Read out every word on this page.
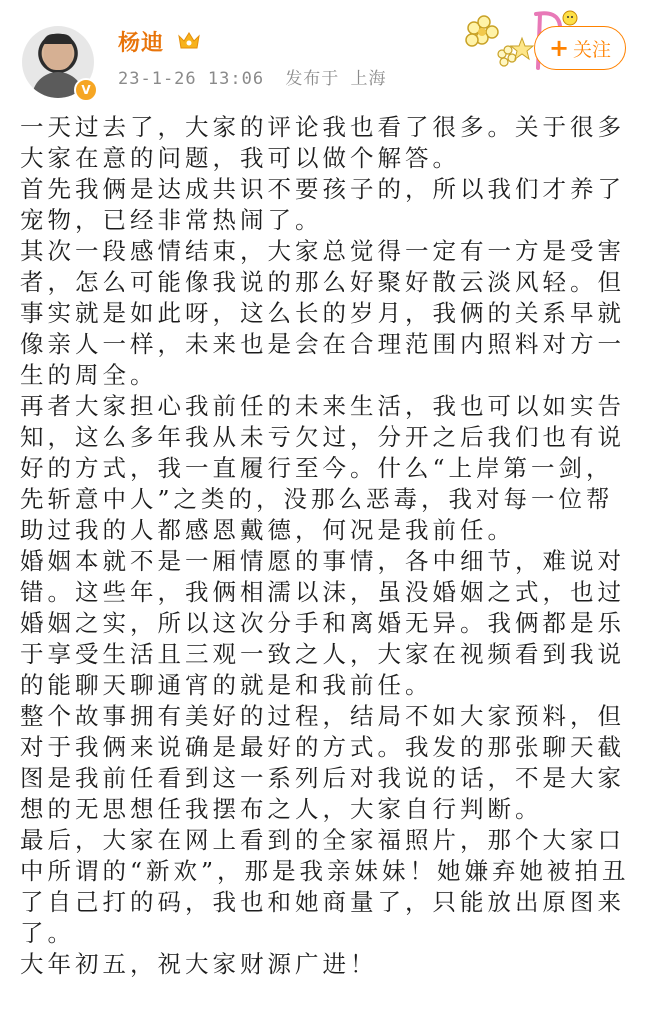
V
杨迪
23-1-26 13:06 发布于 上海
+ 关注

一天过去了，大家的评论我也看了很多。关于很多大家在意的问题，我可以做个解答。

首先我俩是达成共识不要孩子的，所以我们才养了宠物，已经非常热闹了。

其次一段感情结束，大家总觉得一定有一方是受害者，怎么可能像我说的那么好聚好散云淡风轻。但事实就是如此呀，这么长的岁月，我俩的关系早就像亲人一样，未来也是会在合理范围内照料对方一生的周全。

再者大家担心我前任的未来生活，我也可以如实告知，这么多年我从未亏欠过，分开之后我们也有说好的方式，我一直履行至今。什么“上岸第一剑，先斩意中人”之类的，没那么恶毒，我对每一位帮助过我的人都感恩戴德，何况是我前任。

婚姻本就不是一厢情愿的事情，各中细节，难说对错。这些年，我俩相濡以沫，虽没婚姻之式，也过婚姻之实，所以这次分手和离婚无异。我俩都是乐于享受生活且三观一致之人，大家在视频看到我说的能聊天聊通宵的就是和我前任。

整个故事拥有美好的过程，结局不如大家预料，但对于我俩来说确是最好的方式。我发的那张聊天截图是我前任看到这一系列后对我说的话，不是大家想的无思想任我摆布之人，大家自行判断。

最后，大家在网上看到的全家福照片，那个大家口中所谓的“新欢”，那是我亲妹妹！她嫌弃她被拍丑了自己打的码，我也和她商量了，只能放出原图来了。

大年初五，祝大家财源广进！
